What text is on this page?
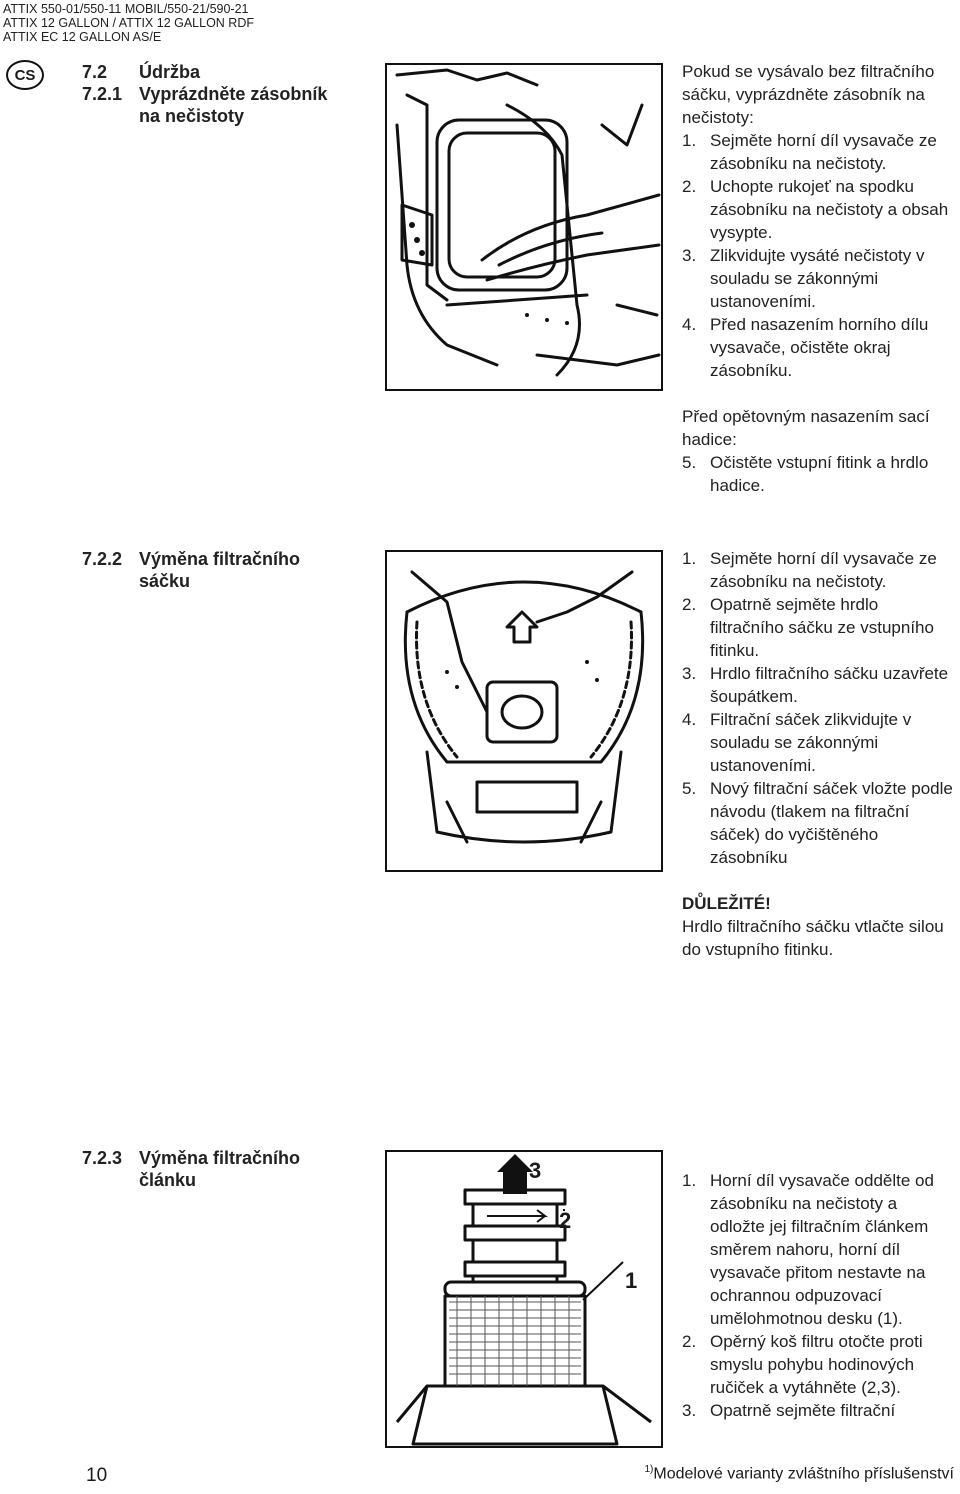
ATTIX 550-01/550-11 MOBIL/550-21/590-21
ATTIX 12 GALLON / ATTIX 12 GALLON RDF
ATTIX EC 12 GALLON AS/E
CS	7.2 Údržba
7.2.1 Vyprázdněte zásobník na nečistoty

Pokud se vysávalo bez filtračního sáčku, vyprázdněte zásobník na nečistoty:

1. Sejměte horní díl vysavače ze zásobníku na nečistoty.
2. Uchopte rukojeť na spodku zásobníku na nečistoty a obsah vysypte.
3. Zlikvidujte vysáté nečistoty v souladu se zákonnými ustanoveními.
4. Před nasazením horního dílu vysavače, očistěte okraj zásobníku.

Před opětovným nasazením sací hadice:

5. Očistěte vstupní fitink a hrdlo hadice.
7.2.2 Výměna filtračního sáčku
1. Sejměte horní díl vysavače ze zásobníku na nečistoty.
2. Opatrně sejměte hrdlo filtračního sáčku ze vstupního fitinku.
3. Hrdlo filtračního sáčku uzavřete šoupátkem.
4. Filtrační sáček zlikvidujte v souladu se zákonnými ustanoveními.
5. Nový filtrační sáček vložte podle návodu (tlakem na filtrační sáček) do vyčištěného zásobníku

DŮLEŽITÉ!

Hrdlo filtračního sáčku vtlačte silou do vstupního fitinku.

7.2.3 Výměna filtračního článku	3
2
1
1. Horní díl vysavače oddělte od zásobníku na nečistoty a odložte jej filtračním článkem směrem nahoru, horní díl vysavače přitom nestavte na ochrannou odpuzovací umělohmotnou desku (1).
2. Opěrný koš filtru otočte proti smyslu pohybu hodinových ručiček a vytáhněte (2,3).
3. Opatrně sejměte filtrační
10	$^{1)}$Modelové varianty zvláštního příslušenství
